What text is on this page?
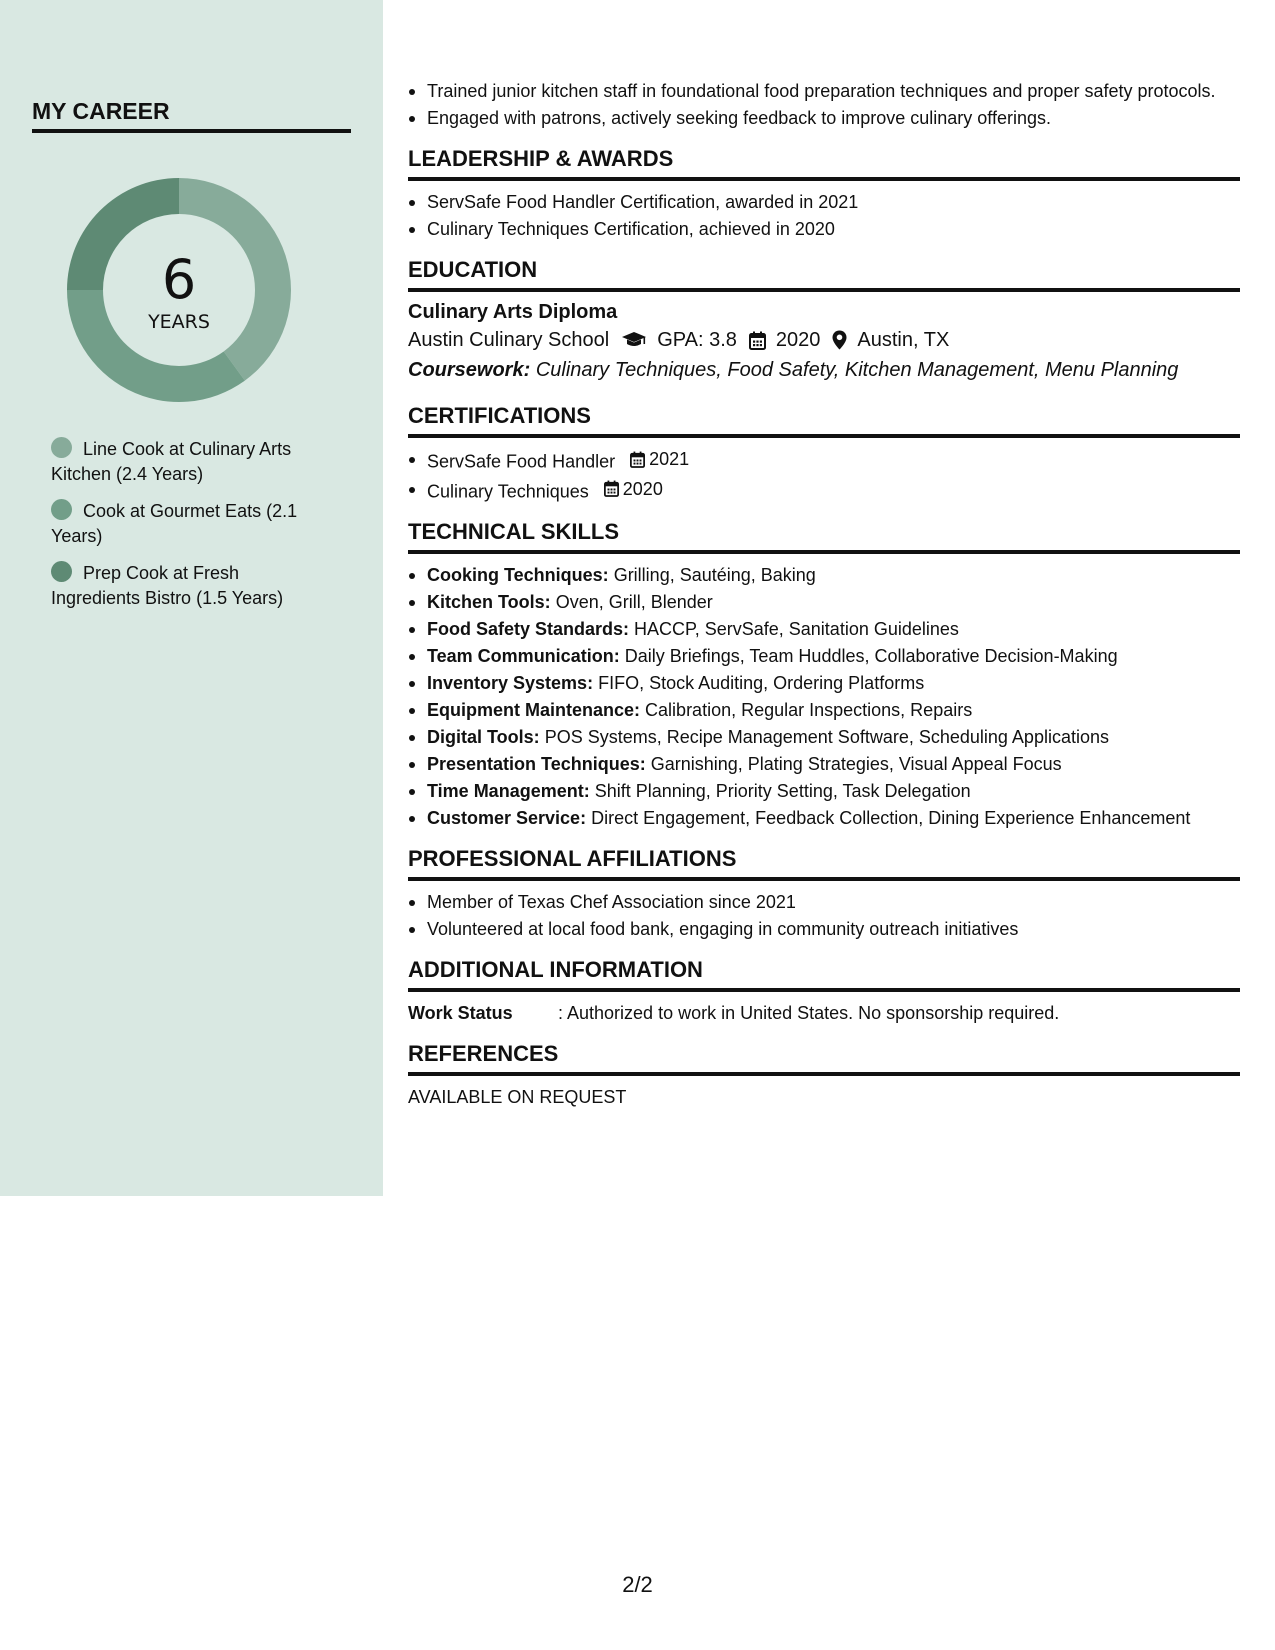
MY CAREER
6
YEARS
Line Cook at Culinary Arts Kitchen (2.4 Years)
Cook at Gourmet Eats (2.1 Years)
Prep Cook at Fresh Ingredients Bistro (1.5 Years)
Trained junior kitchen staff in foundational food preparation techniques and proper safety protocols.
Engaged with patrons, actively seeking feedback to improve culinary offerings.
LEADERSHIP & AWARDS
ServSafe Food Handler Certification, awarded in 2021
Culinary Techniques Certification, achieved in 2020
EDUCATION
Culinary Arts Diploma
Austin Culinary School GPA: 3.8 2020 Austin, TX
Coursework: Culinary Techniques, Food Safety, Kitchen Management, Menu Planning
CERTIFICATIONS
ServSafe Food Handler 2021
Culinary Techniques 2020
TECHNICAL SKILLS
Cooking Techniques: Grilling, Sautéing, Baking
Kitchen Tools: Oven, Grill, Blender
Food Safety Standards: HACCP, ServSafe, Sanitation Guidelines
Team Communication: Daily Briefings, Team Huddles, Collaborative Decision-Making
Inventory Systems: FIFO, Stock Auditing, Ordering Platforms
Equipment Maintenance: Calibration, Regular Inspections, Repairs
Digital Tools: POS Systems, Recipe Management Software, Scheduling Applications
Presentation Techniques: Garnishing, Plating Strategies, Visual Appeal Focus
Time Management: Shift Planning, Priority Setting, Task Delegation
Customer Service: Direct Engagement, Feedback Collection, Dining Experience Enhancement
PROFESSIONAL AFFILIATIONS
Member of Texas Chef Association since 2021
Volunteered at local food bank, engaging in community outreach initiatives
ADDITIONAL INFORMATION
Work Status	: Authorized to work in United States. No sponsorship required.
REFERENCES
AVAILABLE ON REQUEST
2/2
